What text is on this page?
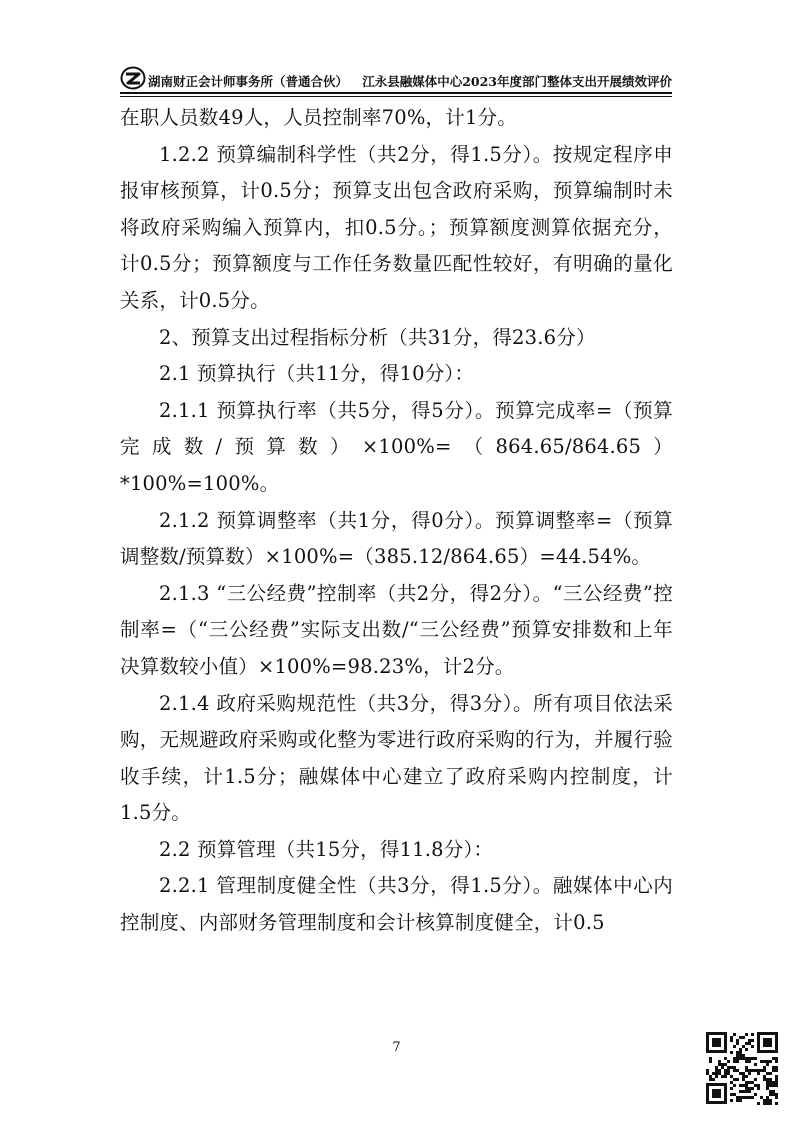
湖南财正会计师事务所（普通合伙） 江永县融媒体中心2023年度部门整体支出开展绩效评价

在职人员数49人，人员控制率70%，计1分。

1.2.2 预算编制科学性（共2分，得1.5分）。按规定程序申报审核预算，计0.5分；预算支出包含政府采购，预算编制时未将政府采购编入预算内，扣0.5分。；预算额度测算依据充分，计0.5分；预算额度与工作任务数量匹配性较好，有明确的量化关系，计0.5分。

2、预算支出过程指标分析（共31分，得23.6分）

2.1 预算执行（共11分，得10分）：

2.1.1 预算执行率（共5分，得5分）。预算完成率=（预算完成数/预算数）×100%=（864.65/864.65）*100%=100%。

2.1.2 预算调整率（共1分，得0分）。预算调整率=（预算调整数/预算数）×100%=（385.12/864.65）=44.54%。

2.1.3 “三公经费”控制率（共2分，得2分）。“三公经费”控制率=（“三公经费”实际支出数/“三公经费”预算安排数和上年决算数较小值）×100%=98.23%，计2分。

2.1.4 政府采购规范性（共3分，得3分）。所有项目依法采购，无规避政府采购或化整为零进行政府采购的行为，并履行验收手续，计1.5分；融媒体中心建立了政府采购内控制度，计1.5分。

2.2 预算管理（共15分，得11.8分）：

2.2.1 管理制度健全性（共3分，得1.5分）。融媒体中心内控制度、内部财务管理制度和会计核算制度健全，计0.5

7
